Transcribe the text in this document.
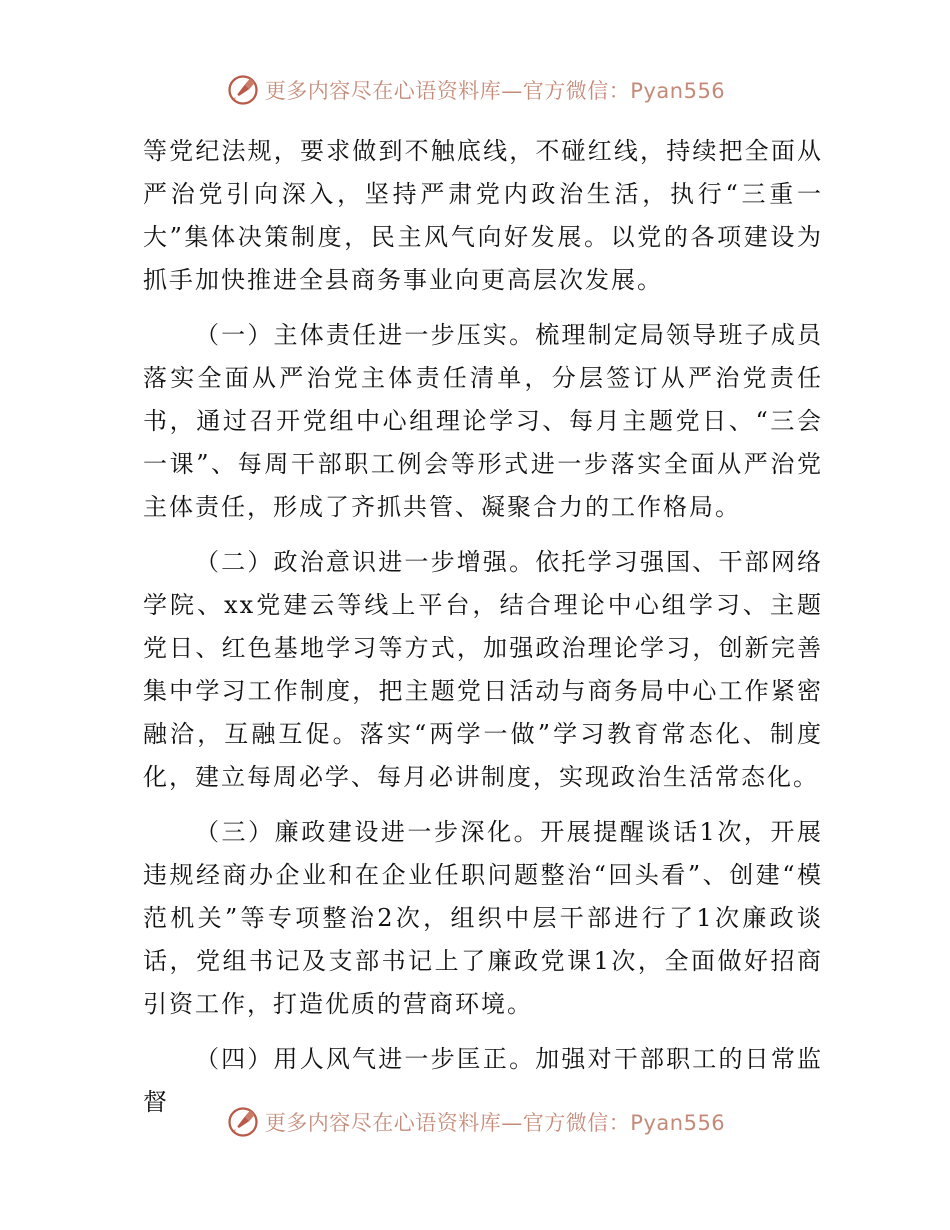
更多内容尽在心语资料库—官方微信：Pyan556

等党纪法规，要求做到不触底线，不碰红线，持续把全面从严治党引向深入，坚持严肃党内政治生活，执行“三重一大”集体决策制度，民主风气向好发展。以党的各项建设为抓手加快推进全县商务事业向更高层次发展。

（一）主体责任进一步压实。梳理制定局领导班子成员落实全面从严治党主体责任清单，分层签订从严治党责任书，通过召开党组中心组理论学习、每月主题党日、“三会一课”、每周干部职工例会等形式进一步落实全面从严治党主体责任，形成了齐抓共管、凝聚合力的工作格局。

（二）政治意识进一步增强。依托学习强国、干部网络学院、xx党建云等线上平台，结合理论中心组学习、主题党日、红色基地学习等方式，加强政治理论学习，创新完善集中学习工作制度，把主题党日活动与商务局中心工作紧密融洽，互融互促。落实“两学一做”学习教育常态化、制度化，建立每周必学、每月必讲制度，实现政治生活常态化。

（三）廉政建设进一步深化。开展提醒谈话1次，开展违规经商办企业和在企业任职问题整治“回头看”、创建“模范机关”等专项整治2次，组织中层干部进行了1次廉政谈话，党组书记及支部书记上了廉政党课1次，全面做好招商引资工作，打造优质的营商环境。

（四）用人风气进一步匡正。加强对干部职工的日常监督

更多内容尽在心语资料库—官方微信：Pyan556
